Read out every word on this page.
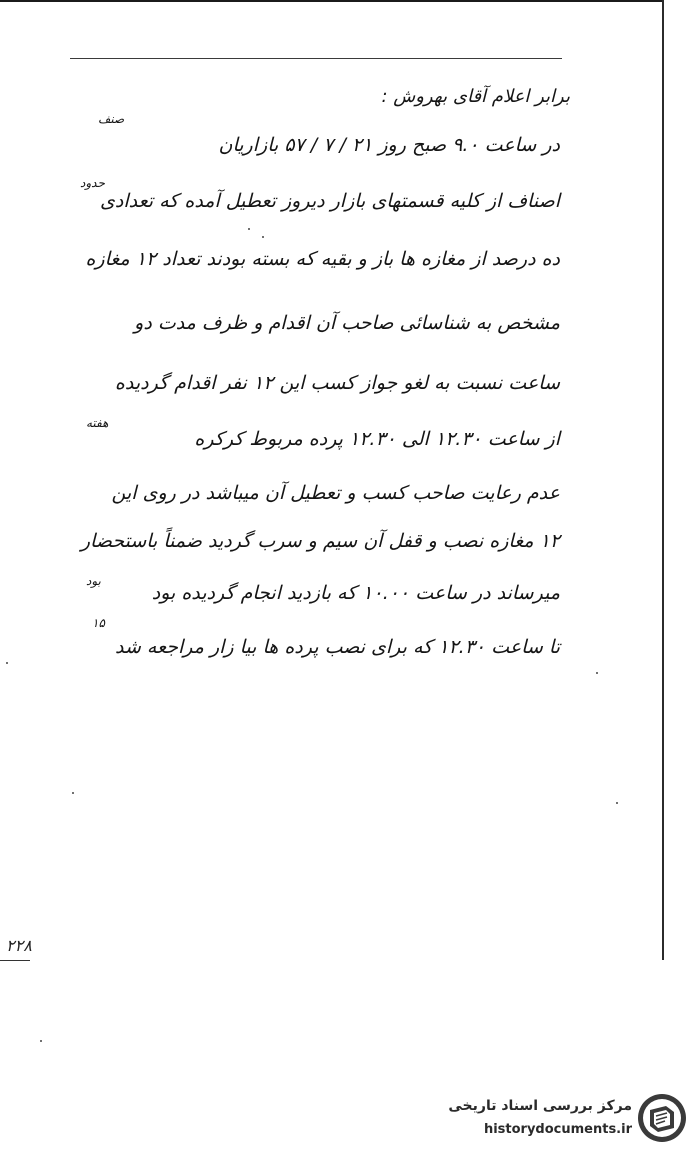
برابر اعلام آقای بهروش :
در ساعت ۹.۰ صبح روز ۲۱ / ۷ / ۵۷ بازاریان
اصناف از کلیه قسمتهای بازار دیروز تعطیل آمده که تعدادی
ده درصد از مغازه ها باز و بقیه که بسته بودند تعداد ۱۲ مغازه
مشخص به شناسائی صاحب آن اقدام و ظرف مدت دو
ساعت نسبت به لغو جواز کسب این ۱۲ نفر اقدام گردیده
از ساعت ۱۲.۳۰ الی ۱۲.۳۰ پرده مربوط کرکره
عدم رعایت صاحب کسب و تعطیل آن میباشد در روی این
۱۲ مغازه نصب و قفل آن سیم و سرب گردید ضمناً باستحضار
میرساند در ساعت ۱۰.۰۰ که بازدید انجام گردیده بود
تا ساعت ۱۲.۳۰ که برای نصب پرده ها بیا زار مراجعه شد
صنف
حدود
هفته
بود
۱۵
۲۲۸
مرکز بررسی اسناد تاریخی
historydocuments.ir
